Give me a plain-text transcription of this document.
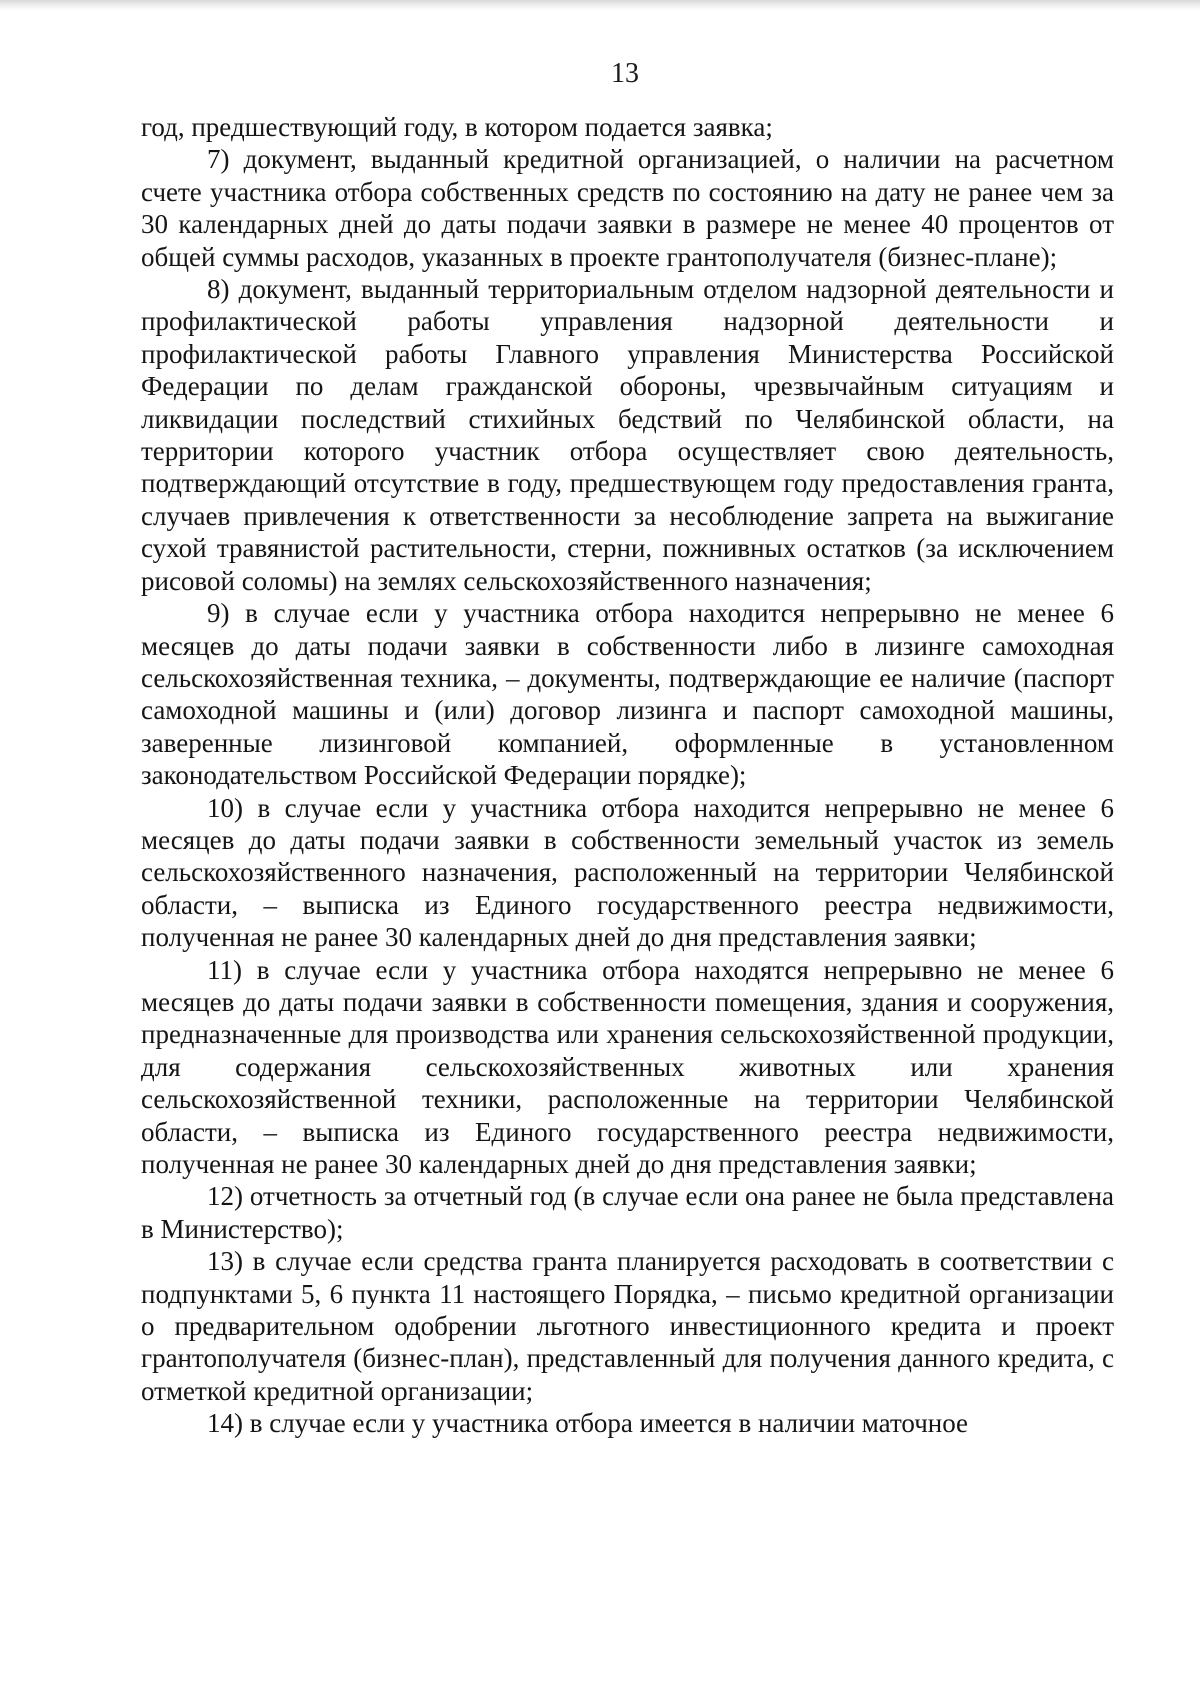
13

год, предшествующий году, в котором подается заявка;

7) документ, выданный кредитной организацией, о наличии на расчетном счете участника отбора собственных средств по состоянию на дату не ранее чем за 30 календарных дней до даты подачи заявки в размере не менее 40 процентов от общей суммы расходов, указанных в проекте грантополучателя (бизнес-плане);

8) документ, выданный территориальным отделом надзорной деятельности и профилактической работы управления надзорной деятельности и профилактической работы Главного управления Министерства Российской Федерации по делам гражданской обороны, чрезвычайным ситуациям и ликвидации последствий стихийных бедствий по Челябинской области, на территории которого участник отбора осуществляет свою деятельность, подтверждающий отсутствие в году, предшествующем году предоставления гранта, случаев привлечения к ответственности за несоблюдение запрета на выжигание сухой травянистой растительности, стерни, пожнивных остатков (за исключением рисовой соломы) на землях сельскохозяйственного назначения;

9) в случае если у участника отбора находится непрерывно не менее 6 месяцев до даты подачи заявки в собственности либо в лизинге самоходная сельскохозяйственная техника, – документы, подтверждающие ее наличие (паспорт самоходной машины и (или) договор лизинга и паспорт самоходной машины, заверенные лизинговой компанией, оформленные в установленном законодательством Российской Федерации порядке);

10) в случае если у участника отбора находится непрерывно не менее 6 месяцев до даты подачи заявки в собственности земельный участок из земель сельскохозяйственного назначения, расположенный на территории Челябинской области, – выписка из Единого государственного реестра недвижимости, полученная не ранее 30 календарных дней до дня представления заявки;

11) в случае если у участника отбора находятся непрерывно не менее 6 месяцев до даты подачи заявки в собственности помещения, здания и сооружения, предназначенные для производства или хранения сельскохозяйственной продукции, для содержания сельскохозяйственных животных или хранения сельскохозяйственной техники, расположенные на территории Челябинской области, – выписка из Единого государственного реестра недвижимости, полученная не ранее 30 календарных дней до дня представления заявки;

12) отчетность за отчетный год (в случае если она ранее не была представлена в Министерство);

13) в случае если средства гранта планируется расходовать в соответствии с подпунктами 5, 6 пункта 11 настоящего Порядка, – письмо кредитной организации о предварительном одобрении льготного инвестиционного кредита и проект грантополучателя (бизнес-план), представленный для получения данного кредита, с отметкой кредитной организации;

14) в случае если у участника отбора имеется в наличии маточное
